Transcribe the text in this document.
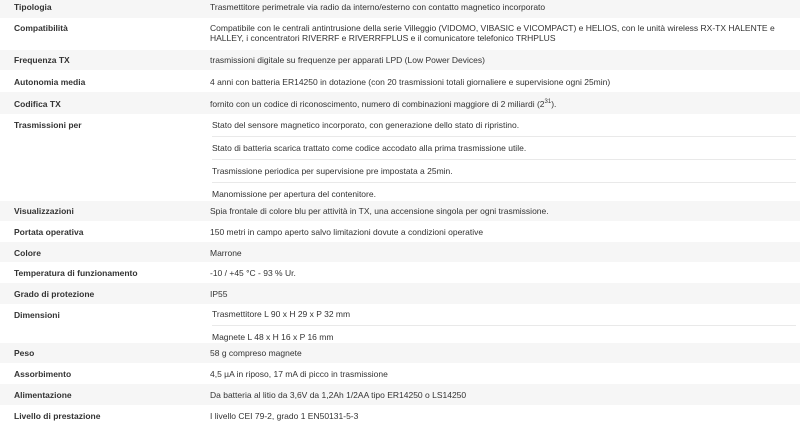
Tipologia	Trasmettitore perimetrale via radio da interno/esterno con contatto magnetico incorporato
Compatibilità	Compatibile con le centrali antintrusione della serie Villeggio (VIDOMO, VIBASIC e VICOMPACT) e HELIOS, con le unità wireless RX-TX HALENTE e HALLEY, i concentratori RIVERRF e RIVERRFPLUS e il comunicatore telefonico TRHPLUS
Frequenza TX	trasmissioni digitale su frequenze per apparati LPD (Low Power Devices)
Autonomia media	4 anni con batteria ER14250 in dotazione (con 20 trasmissioni totali giornaliere e supervisione ogni 25min)
Codifica TX	fornito con un codice di riconoscimento, numero di combinazioni maggiore di 2 miliardi $(2^{31})$.
Trasmissioni per	Stato del sensore magnetico incorporato, con generazione dello stato di ripristino.
Stato di batteria scarica trattato come codice accodato alla prima trasmissione utile.
Trasmissione periodica per supervisione pre impostata a 25min.
Manomissione per apertura del contenitore.

Visualizzazioni	Spia frontale di colore blu per attività in TX, una accensione singola per ogni trasmissione.
Portata operativa	150 metri in campo aperto salvo limitazioni dovute a condizioni operative
Colore	Marrone
Temperatura di funzionamento	-10 / +45 °C - 93 % Ur.
Grado di protezione	IP55
Dimensioni	Trasmettitore L 90 x H 29 x P 32 mm
Magnete L 48 x H 16 x P 16 mm

Peso	58 g compreso magnete
Assorbimento	4,5 µA in riposo, 17 mA di picco in trasmissione
Alimentazione	Da batteria al litio da 3,6V da 1,2Ah 1/2AA tipo ER14250 o LS14250
Livello di prestazione	I livello CEI 79-2, grado 1 EN50131-5-3
